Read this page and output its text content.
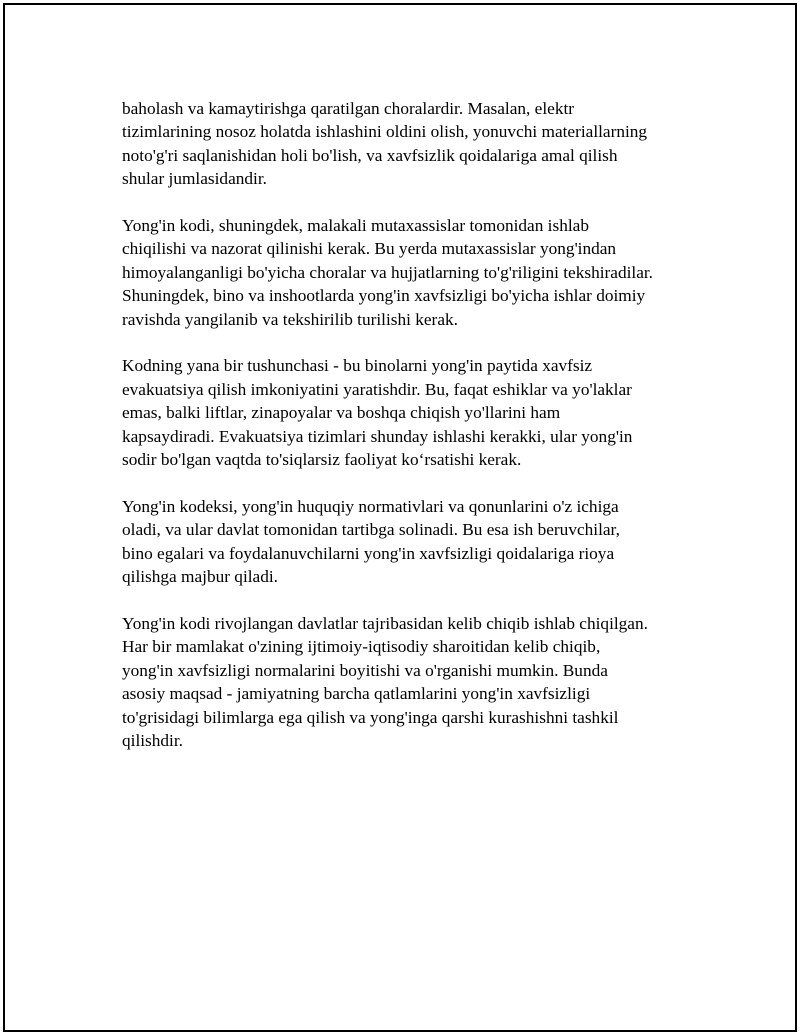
baholash va kamaytirishga qaratilgan choralardir. Masalan, elektr
tizimlarining nosoz holatda ishlashini oldini olish, yonuvchi materiallarning
noto'g'ri saqlanishidan holi bo'lish, va xavfsizlik qoidalariga amal qilish
shular jumlasidandir.

Yong'in kodi, shuningdek, malakali mutaxassislar tomonidan ishlab
chiqilishi va nazorat qilinishi kerak. Bu yerda mutaxassislar yong'indan
himoyalanganligi bo'yicha choralar va hujjatlarning to'g'riligini tekshiradilar.
Shuningdek, bino va inshootlarda yong'in xavfsizligi bo'yicha ishlar doimiy
ravishda yangilanib va tekshirilib turilishi kerak.

Kodning yana bir tushunchasi - bu binolarni yong'in paytida xavfsiz
evakuatsiya qilish imkoniyatini yaratishdir. Bu, faqat eshiklar va yo'laklar
emas, balki liftlar, zinapoyalar va boshqa chiqish yo'llarini ham
kapsaydiradi. Evakuatsiya tizimlari shunday ishlashi kerakki, ular yong'in
sodir bo'lgan vaqtda to'siqlarsiz faoliyat ko‘rsatishi kerak.

Yong'in kodeksi, yong'in huquqiy normativlari va qonunlarini o'z ichiga
oladi, va ular davlat tomonidan tartibga solinadi. Bu esa ish beruvchilar,
bino egalari va foydalanuvchilarni yong'in xavfsizligi qoidalariga rioya
qilishga majbur qiladi.

Yong'in kodi rivojlangan davlatlar tajribasidan kelib chiqib ishlab chiqilgan.
Har bir mamlakat o'zining ijtimoiy-iqtisodiy sharoitidan kelib chiqib,
yong'in xavfsizligi normalarini boyitishi va o'rganishi mumkin. Bunda
asosiy maqsad - jamiyatning barcha qatlamlarini yong'in xavfsizligi
to'grisidagi bilimlarga ega qilish va yong'inga qarshi kurashishni tashkil
qilishdir.
